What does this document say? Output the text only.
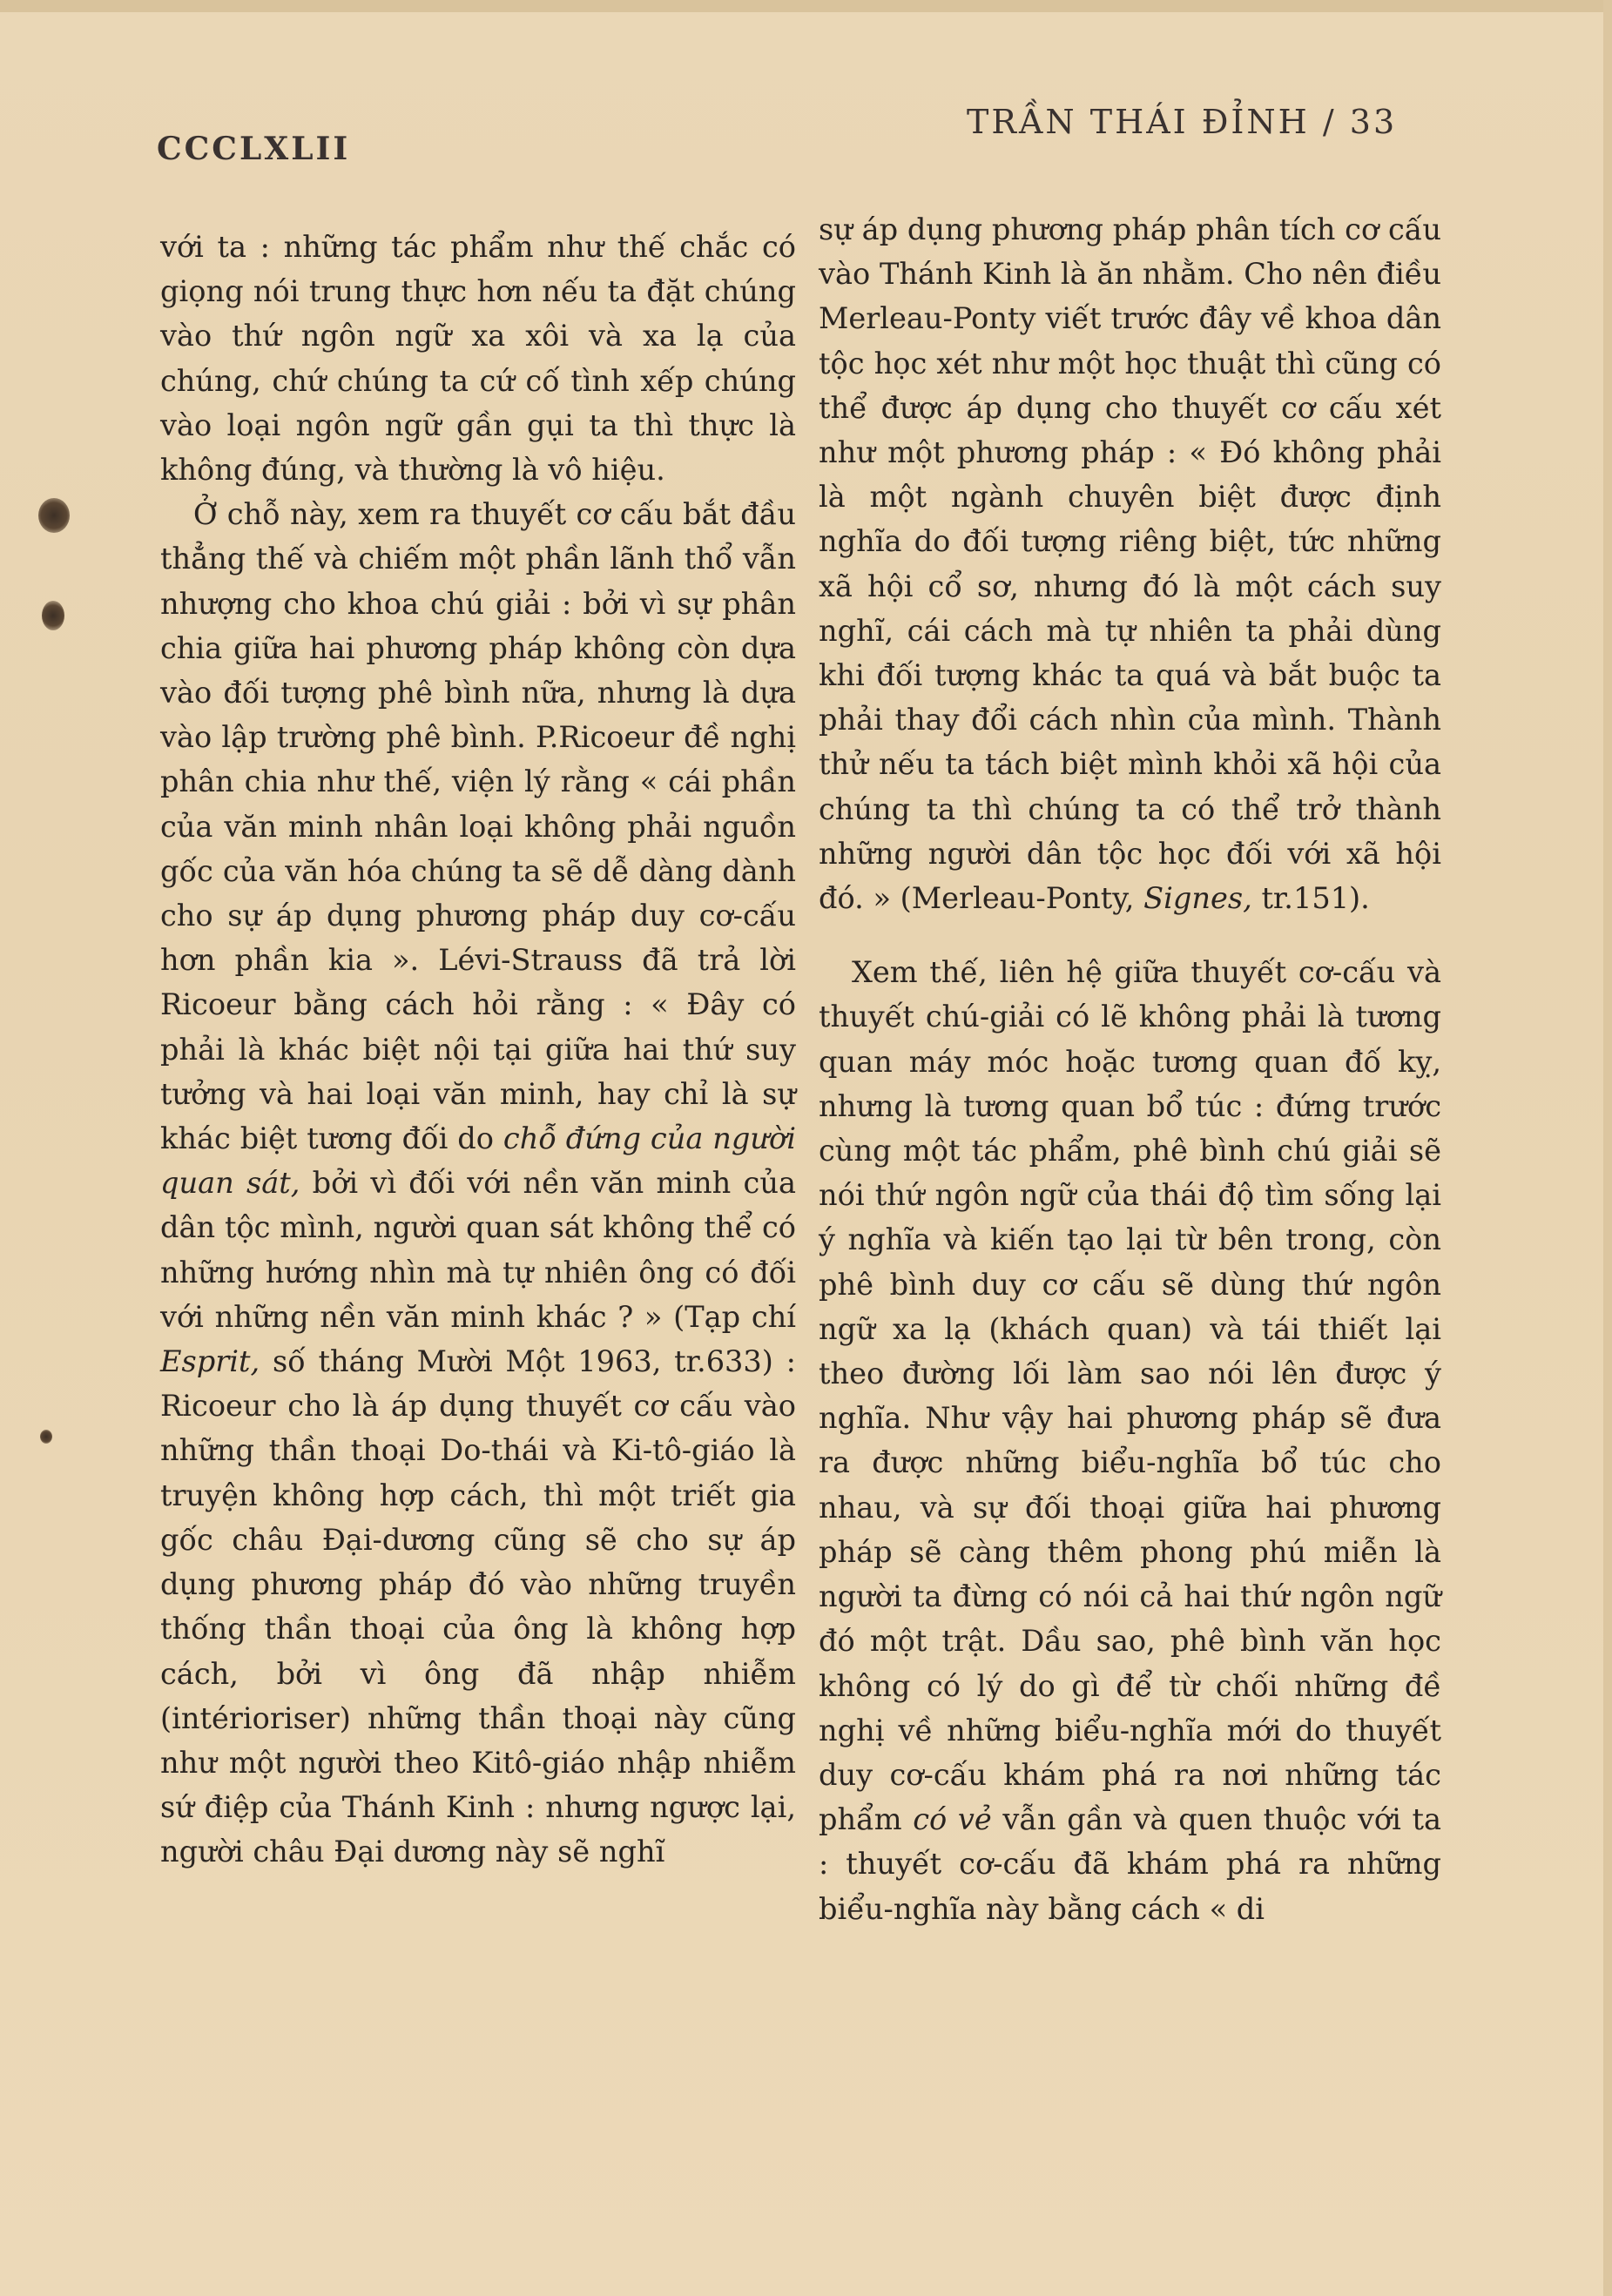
CCCLXLII
TRẦN THÁI ĐỈNH / 33

với ta : những tác phẩm như thế chắc có giọng nói trung thực hơn nếu ta đặt chúng vào thứ ngôn ngữ xa xôi và xa lạ của chúng, chứ chúng ta cứ cố tình xếp chúng vào loại ngôn ngữ gần gụi ta thì thực là không đúng, và thường là vô hiệu.

Ở chỗ này, xem ra thuyết cơ cấu bắt đầu thẳng thế và chiếm một phần lãnh thổ vẫn nhượng cho khoa chú giải : bởi vì sự phân chia giữa hai phương pháp không còn dựa vào đối tượng phê bình nữa, nhưng là dựa vào lập trường phê bình. P.Ricoeur đề nghị phân chia như thế, viện lý rằng « cái phần của văn minh nhân loại không phải nguồn gốc của văn hóa chúng ta sẽ dễ dàng dành cho sự áp dụng phương pháp duy cơ-cấu hơn phần kia ». Lévi-Strauss đã trả lời Ricoeur bằng cách hỏi rằng : « Đây có phải là khác biệt nội tại giữa hai thứ suy tưởng và hai loại văn minh, hay chỉ là sự khác biệt tương đối do chỗ đứng của người quan sát, bởi vì đối với nền văn minh của dân tộc mình, người quan sát không thể có những hướng nhìn mà tự nhiên ông có đối với những nền văn minh khác ? » (Tạp chí Esprit, số tháng Mười Một 1963, tr.633) : Ricoeur cho là áp dụng thuyết cơ cấu vào những thần thoại Do-thái và Ki-tô-giáo là truyện không hợp cách, thì một triết gia gốc châu Đại-dương cũng sẽ cho sự áp dụng phương pháp đó vào những truyền thống thần thoại của ông là không hợp cách, bởi vì ông đã nhập nhiễm (intérioriser) những thần thoại này cũng như một người theo Kitô-giáo nhập nhiễm sứ điệp của Thánh Kinh : nhưng ngược lại, người châu Đại dương này sẽ nghĩ

sự áp dụng phương pháp phân tích cơ cấu vào Thánh Kinh là ăn nhằm. Cho nên điều Merleau-Ponty viết trước đây về khoa dân tộc học xét như một học thuật thì cũng có thể được áp dụng cho thuyết cơ cấu xét như một phương pháp : « Đó không phải là một ngành chuyên biệt được định nghĩa do đối tượng riêng biệt, tức những xã hội cổ sơ, nhưng đó là một cách suy nghĩ, cái cách mà tự nhiên ta phải dùng khi đối tượng khác ta quá và bắt buộc ta phải thay đổi cách nhìn của mình. Thành thử nếu ta tách biệt mình khỏi xã hội của chúng ta thì chúng ta có thể trở thành những người dân tộc học đối với xã hội đó. » (Merleau-Ponty, Signes, tr.151).

Xem thế, liên hệ giữa thuyết cơ-cấu và thuyết chú-giải có lẽ không phải là tương quan máy móc hoặc tương quan đố kỵ, nhưng là tương quan bổ túc : đứng trước cùng một tác phẩm, phê bình chú giải sẽ nói thứ ngôn ngữ của thái độ tìm sống lại ý nghĩa và kiến tạo lại từ bên trong, còn phê bình duy cơ cấu sẽ dùng thứ ngôn ngữ xa lạ (khách quan) và tái thiết lại theo đường lối làm sao nói lên được ý nghĩa. Như vậy hai phương pháp sẽ đưa ra được những biểu-nghĩa bổ túc cho nhau, và sự đối thoại giữa hai phương pháp sẽ càng thêm phong phú miễn là người ta đừng có nói cả hai thứ ngôn ngữ đó một trật. Dầu sao, phê bình văn học không có lý do gì để từ chối những đề nghị về những biểu-nghĩa mới do thuyết duy cơ-cấu khám phá ra nơi những tác phẩm có vẻ vẫn gần và quen thuộc với ta : thuyết cơ-cấu đã khám phá ra những biểu-nghĩa này bằng cách « di
